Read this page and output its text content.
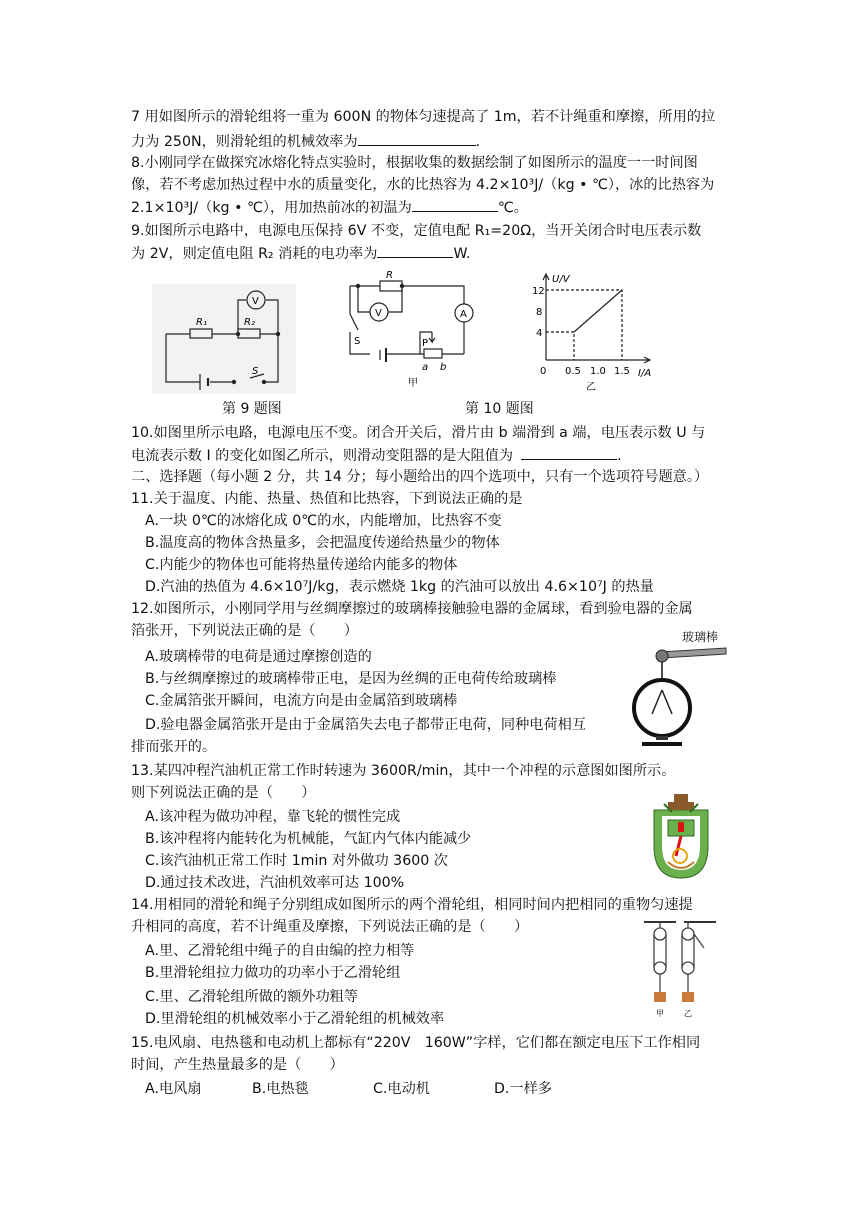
7 用如图所示的滑轮组将一重为 600N 的物体匀速提高了 1m，若不计绳重和摩擦，所用的拉
力为 250N，则滑轮组的机械效率为	.
8.小刚同学在做探究冰熔化特点实验时，根据收集的数据绘制了如图所示的温度一一时间图
像，若不考虑加热过程中水的质量变化，水的比热容为 4.2×10³J/（kg • ℃），冰的比热容为
2.1×10³J/（kg • ℃），用加热前冰的初温为	℃。
9.如图所示电路中，电源电压保持 6V 不变，定值电配 R₁=20Ω，当开关闭合时电压表示数
为 2V，则定值电阻 R₂ 消耗的电功率为	W.
R₁	R₂
V
S
第 9 题图
R
V	A
S	P
a b
甲
U/V
I/A
12
8
4
0 0.5 1.0 1.5
乙
第 10 题图
10.如图里所示电路，电源电压不变。闭合开关后，滑片由 b 端滑到 a 端，电压表示数 U 与
电流表示数 I 的变化如图乙所示，则滑动变阻器的是大阻值为	.
二、选择题（每小题 2 分，共 14 分；每小题给出的四个选项中，只有一个选项符号题意。）
11.关于温度、内能、热量、热值和比热容，下到说法正确的是
A.一块 0℃的冰熔化成 0℃的水，内能增加，比热容不变
B.温度高的物体含热量多，会把温度传递给热量少的物体
C.内能少的物体也可能将热量传递给内能多的物体
D.汽油的热值为 4.6×10⁷J/kg，表示燃烧 1kg 的汽油可以放出 4.6×10⁷J 的热量
12.如图所示，小刚同学用与丝绸摩擦过的玻璃棒接触验电器的金属球，看到验电器的金属
箔张开，下列说法正确的是（　　）
A.玻璃棒带的电荷是通过摩擦创造的
B.与丝绸摩擦过的玻璃棒带正电，是因为丝绸的正电荷传给玻璃棒
C.金属箔张开瞬间，电流方向是由金属箔到玻璃棒
D.验电器金属箔张开是由于金属箔失去电子都带正电荷，同种电荷相互
排而张开的。
玻璃棒
13.某四冲程汽油机正常工作时转速为 3600R/min，其中一个冲程的示意图如图所示。
则下列说法正确的是（　　）
A.该冲程为做功冲程，靠飞轮的惯性完成
B.该冲程将内能转化为机械能，气缸内气体内能减少
C.该汽油机正常工作时 1min 对外做功 3600 次
D.通过技术改进，汽油机效率可达 100%
14.用相同的滑轮和绳子分别组成如图所示的两个滑轮组，相同时间内把相同的重物匀速提
升相同的高度，若不计绳重及摩擦，下列说法正确的是（　　）
A.里、乙滑轮组中绳子的自由编的控力相等
B.里滑轮组拉力做功的功率小于乙滑轮组
C.里、乙滑轮组所做的额外功粗等
D.里滑轮组的机械效率小于乙滑轮组的机械效率	甲	乙
15.电风扇、电热毯和电动机上都标有“220V　160W”字样，它们都在额定电压下工作相同
时间，产生热量最多的是（　　）
A.电风扇	B.电热毯	C.电动机	D.一样多
